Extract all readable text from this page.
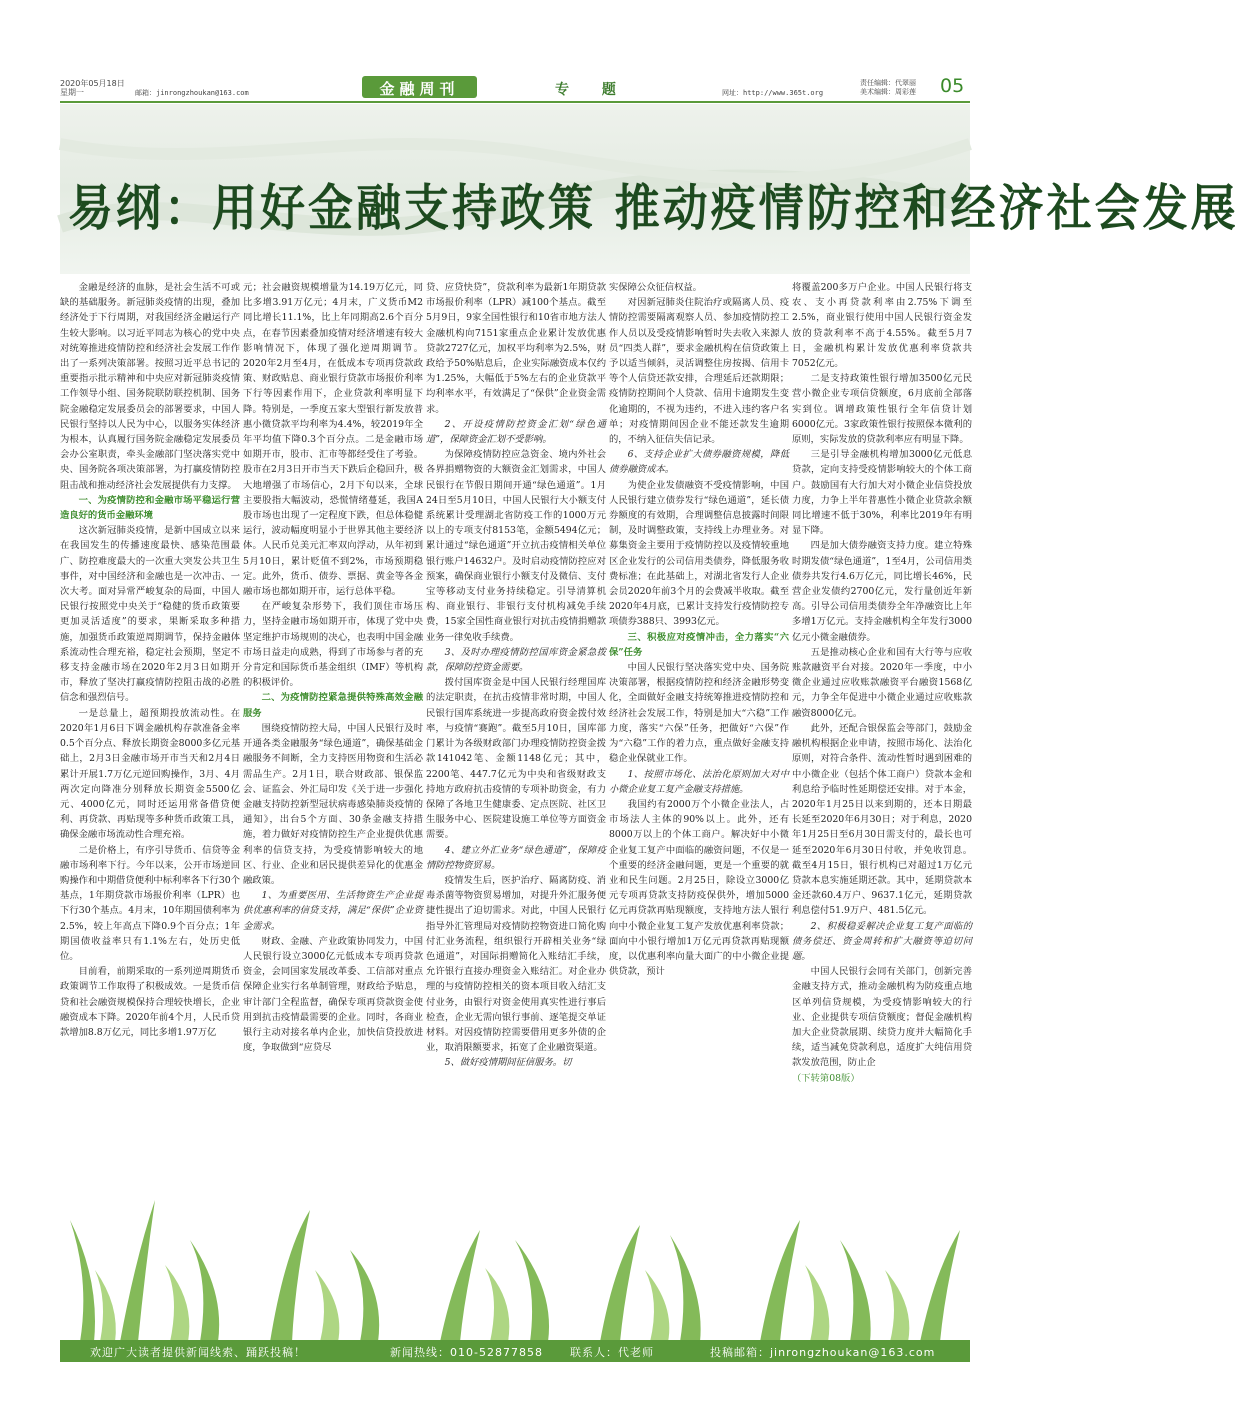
2020年05月18日
星期一	邮箱：jinrongzhoukan@163.com	金融周刊	专 题	网址：http://www.365t.org
责任编辑：代翠丽
美术编辑：周彩莲 05
易纲：用好金融支持政策 推动疫情防控和经济社会发展

金融是经济的血脉，是社会生活不可或缺的基础服务。新冠肺炎疫情的出现，叠加经济处于下行周期，对我国经济金融运行产生较大影响。以习近平同志为核心的党中央对统筹推进疫情防控和经济社会发展工作作出了一系列决策部署。按照习近平总书记的重要指示批示精神和中央应对新冠肺炎疫情工作领导小组、国务院联防联控机制、国务院金融稳定发展委员会的部署要求，中国人民银行坚持以人民为中心，以服务实体经济为根本，认真履行国务院金融稳定发展委员会办公室职责，牵头金融部门坚决落实党中央、国务院各项决策部署，为打赢疫情防控阻击战和推动经济社会发展提供有力支撑。

一、为疫情防控和金融市场平稳运行营造良好的货币金融环境

这次新冠肺炎疫情，是新中国成立以来在我国发生的传播速度最快、感染范围最广、防控难度最大的一次重大突发公共卫生事件，对中国经济和金融也是一次冲击、一次大考。面对异常严峻复杂的局面，中国人民银行按照党中央关于“稳健的货币政策要更加灵活适度”的要求，果断采取多种措施，加强货币政策逆周期调节，保持金融体系流动性合理充裕，稳定社会预期，坚定不移支持金融市场在2020年2月3日如期开市，释放了坚决打赢疫情防控阻击战的必胜信念和强烈信号。

一是总量上，超预期投放流动性。在2020年1月6日下调金融机构存款准备金率0.5个百分点、释放长期资金8000多亿元基础上，2月3日金融市场开市当天和2月4日累计开展1.7万亿元逆回购操作，3月、4月两次定向降准分别释放长期资金5500亿元、4000亿元，同时还运用常备借贷便利、再贷款、再贴现等多种货币政策工具，确保金融市场流动性合理充裕。

二是价格上，有序引导货币、信贷等金融市场利率下行。今年以来，公开市场逆回购操作和中期借贷便利中标利率各下行30个基点，1年期贷款市场报价利率（LPR）也下行30个基点。4月末，10年期国债利率为2.5%，较上年高点下降0.9个百分点；1年期国债收益率只有1.1%左右，处历史低位。

目前看，前期采取的一系列逆周期货币政策调节工作取得了积极成效。一是货币信贷和社会融资规模保持合理较快增长，企业融资成本下降。2020年前4个月，人民币贷款增加8.8万亿元，同比多增1.97万亿

元；社会融资规模增量为14.19万亿元，同比多增3.91万亿元；4月末，广义货币M2同比增长11.1%，比上年同期高2.6个百分点，在春节因素叠加疫情对经济增速有较大影响情况下，体现了强化逆周期调节。2020年2月至4月，在低成本专项再贷款政策、财政贴息、商业银行贷款市场报价利率下行等因素作用下，企业贷款利率明显下降。特别是，一季度五家大型银行新发放普惠小微贷款平均利率为4.4%，较2019年全年平均值下降0.3个百分点。二是金融市场如期开市，股市、汇市等都经受住了考验。股市在2月3日开市当天下跌后企稳回升，极大地增强了市场信心，2月下旬以来，全球主要股指大幅波动，恐慌情绪蔓延，我国A股市场也出现了一定程度下跌，但总体稳健运行，波动幅度明显小于世界其他主要经济体。人民币兑美元汇率双向浮动，从年初到5月10日，累计贬值不到2%，市场预期稳定。此外，货币、债券、票据、黄金等各金融市场也都如期开市，运行总体平稳。

在严峻复杂形势下，我们顶住市场压力，坚持金融市场如期开市，体现了党中央坚定维护市场规则的决心，也表明中国金融市场日益走向成熟，得到了市场参与者的充分肯定和国际货币基金组织（IMF）等机构的积极评价。

二、为疫情防控紧急提供特殊高效金融服务

围绕疫情防控大局，中国人民银行及时开通各类金融服务“绿色通道”，确保基础金融服务不间断，全力支持医用物资和生活必需品生产。2月1日，联合财政部、银保监会、证监会、外汇局印发《关于进一步强化金融支持防控新型冠状病毒感染肺炎疫情的通知》，出台5个方面、30条金融支持措施，着力做好对疫情防控生产企业提供优惠利率的信贷支持，为受疫情影响较大的地区、行业、企业和居民提供差异化的优惠金融政策。

1、为重要医用、生活物资生产企业提供优惠利率的信贷支持，满足“保供”企业资金需求。

财政、金融、产业政策协同发力，中国人民银行设立3000亿元低成本专项再贷款资金，会同国家发展改革委、工信部对重点保障企业实行名单制管理，财政给予贴息，审计部门全程监督，确保专项再贷款资金使用到抗击疫情最需要的企业。同时，各商业银行主动对接名单内企业，加快信贷投放进度，争取做到“应贷尽

贷、应贷快贷”，贷款利率为最新1年期贷款市场报价利率（LPR）减100个基点。截至5月9日，9家全国性银行和10省市地方法人金融机构向7151家重点企业累计发放优惠贷款2727亿元，加权平均利率为2.5%，财政给予50%贴息后，企业实际融资成本仅约为1.25%，大幅低于5%左右的企业贷款平均利率水平，有效满足了“保供”企业资金需求。

2、开设疫情防控资金汇划“绿色通道”，保障资金汇划不受影响。

为保障疫情防控应急资金、境内外社会各界捐赠物资的大额资金汇划需求，中国人民银行在节假日期间开通“绿色通道”。1月24日至5月10日，中国人民银行大小额支付系统累计受理湖北省防疫工作的1000万元以上的专项支付8153笔，金额5494亿元；累计通过“绿色通道”开立抗击疫情相关单位银行账户14632户。及时启动疫情防控应对预案，确保商业银行小额支付及微信、支付宝等移动支付业务持续稳定。引导清算机构、商业银行、非银行支付机构减免手续费，15家全国性商业银行对抗击疫情捐赠款业务一律免收手续费。

3、及时办理疫情防控国库资金紧急拨款，保障防控资金需要。

拨付国库资金是中国人民银行经理国库的法定职责，在抗击疫情非常时期，中国人民银行国库系统进一步提高政府资金拨付效率，与疫情“赛跑”。截至5月10日，国库部门累计为各级财政部门办理疫情防控资金拨款141042笔、金额1148亿元；其中，2200笔、447.7亿元为中央和省级财政支持地方政府抗击疫情的专项补助资金，有力保障了各地卫生健康委、定点医院、社区卫生服务中心、医院建设施工单位等方面资金需要。

4、建立外汇业务“绿色通道”，保障疫情防控物资贸易。

疫情发生后，医护治疗、隔离防疫、消毒杀菌等物资贸易增加，对提升外汇服务便捷性提出了迫切需求。对此，中国人民银行指导外汇管理局对疫情防控物资进口简化购付汇业务流程，组织银行开辟相关业务“绿色通道”，对国际捐赠简化入账结汇手续，允许银行直接办理资金入账结汇。对企业办理的与疫情防控相关的资本项目收入结汇支付业务，由银行对资金使用真实性进行事后检查，企业无需向银行事前、逐笔提交单证材料。对因疫情防控需要借用更多外债的企业，取消限额要求，拓宽了企业融资渠道。

5、做好疫情期间征信服务。切

实保障公众征信权益。

对因新冠肺炎住院治疗或隔离人员、疫情防控需要隔离观察人员、参加疫情防控工作人员以及受疫情影响暂时失去收入来源人员“四类人群”，要求金融机构在信贷政策上予以适当倾斜，灵活调整住房按揭、信用卡等个人信贷还款安排，合理延后还款期限；疫情防控期间个人贷款、信用卡逾期发生变化逾期的，不视为违约，不进入违约客户名单；对疫情期间因企业不能还款发生逾期的，不纳入征信失信记录。

6、支持企业扩大债券融资规模，降低债券融资成本。

为使企业发债融资不受疫情影响，中国人民银行建立债券发行“绿色通道”，延长债券额度的有效期，合理调整信息披露时间限制，及时调整政策，支持线上办理业务。对募集资金主要用于疫情防控以及疫情较重地区企业发行的公司信用类债券，降低服务收费标准；在此基础上，对湖北省发行人企业会员2020年前3个月的会费减半收取。截至2020年4月底，已累计支持发行疫情防控专项债券388只、3993亿元。

三、积极应对疫情冲击，全力落实“六保”任务

中国人民银行坚决落实党中央、国务院决策部署，根据疫情防控和经济金融形势变化，全面做好金融支持统筹推进疫情防控和经济社会发展工作，特别是加大“六稳”工作力度，落实“六保”任务，把做好“六保”作为“六稳”工作的着力点，重点做好金融支持稳企业保就业工作。

1、按照市场化、法治化原则加大对中小微企业复工复产金融支持措施。

我国约有2000万个小微企业法人，占市场法人主体的90%以上。此外，还有8000万以上的个体工商户。解决好中小微企业复工复产中面临的融资问题，不仅是一个重要的经济金融问题，更是一个重要的就业和民生问题。2月25日，除设立3000亿元专项再贷款支持防疫保供外，增加5000亿元再贷款再贴现额度，支持地方法人银行向中小微企业复工复产发放优惠利率贷款；面向中小银行增加1万亿元再贷款再贴现额度，以优惠利率向量大面广的中小微企业提供贷款，预计

将覆盖200多万户企业。中国人民银行将支农、支小再贷款利率由2.75%下调至2.5%，商业银行使用中国人民银行资金发放的贷款利率不高于4.55%。截至5月7日，金融机构累计发放优惠利率贷款共7052亿元。

二是支持政策性银行增加3500亿元民营小微企业专项信贷额度，6月底前全部落实到位。调增政策性银行全年信贷计划6000亿元。3家政策性银行按照保本微利的原则，实际发放的贷款利率应有明显下降。

三是引导金融机构增加3000亿元低息贷款，定向支持受疫情影响较大的个体工商户。鼓励国有大行加大对小微企业信贷投放力度，力争上半年普惠性小微企业贷款余额同比增速不低于30%，利率比2019年有明显下降。

四是加大债券融资支持力度。建立特殊时期发债“绿色通道”，1至4月，公司信用类债券共发行4.6万亿元，同比增长46%，民营企业发债约2700亿元，发行量创近年新高。引导公司信用类债券全年净融资比上年多增1万亿元。支持金融机构全年发行3000亿元小微金融债券。

五是推动核心企业和国有大行等与应收账款融资平台对接。2020年一季度，中小微企业通过应收账款融资平台融资1568亿元，力争全年促进中小微企业通过应收账款融资8000亿元。

此外，还配合银保监会等部门，鼓励金融机构根据企业申请，按照市场化、法治化原则，对符合条件、流动性暂时遇到困难的中小微企业（包括个体工商户）贷款本金和利息给予临时性延期偿还安排。对于本金，2020年1月25日以来到期的，还本日期最长延至2020年6月30日；对于利息，2020年1月25日至6月30日需支付的，最长也可延至2020年6月30日付收，并免收罚息。截至4月15日，银行机构已对超过1万亿元贷款本息实施延期还款。其中，延期贷款本金还款60.4万户、9637.1亿元，延期贷款利息偿付51.9万户、481.5亿元。

2、积极稳妥解决企业复工复产面临的债务偿还、资金周转和扩大融资等迫切问题。

中国人民银行会同有关部门，创新完善金融支持方式，推动金融机构为防疫重点地区单列信贷规模，为受疫情影响较大的行业、企业提供专项信贷额度；督促金融机构加大企业贷款展期、续贷力度并大幅简化手续，适当减免贷款利息，适度扩大纯信用贷款发放范围，防止企

（下转第08版）

欢迎广大读者提供新闻线索、踊跃投稿！	新闻热线：010-52877858 联系人：代老师	投稿邮箱：jinrongzhoukan@163.com
